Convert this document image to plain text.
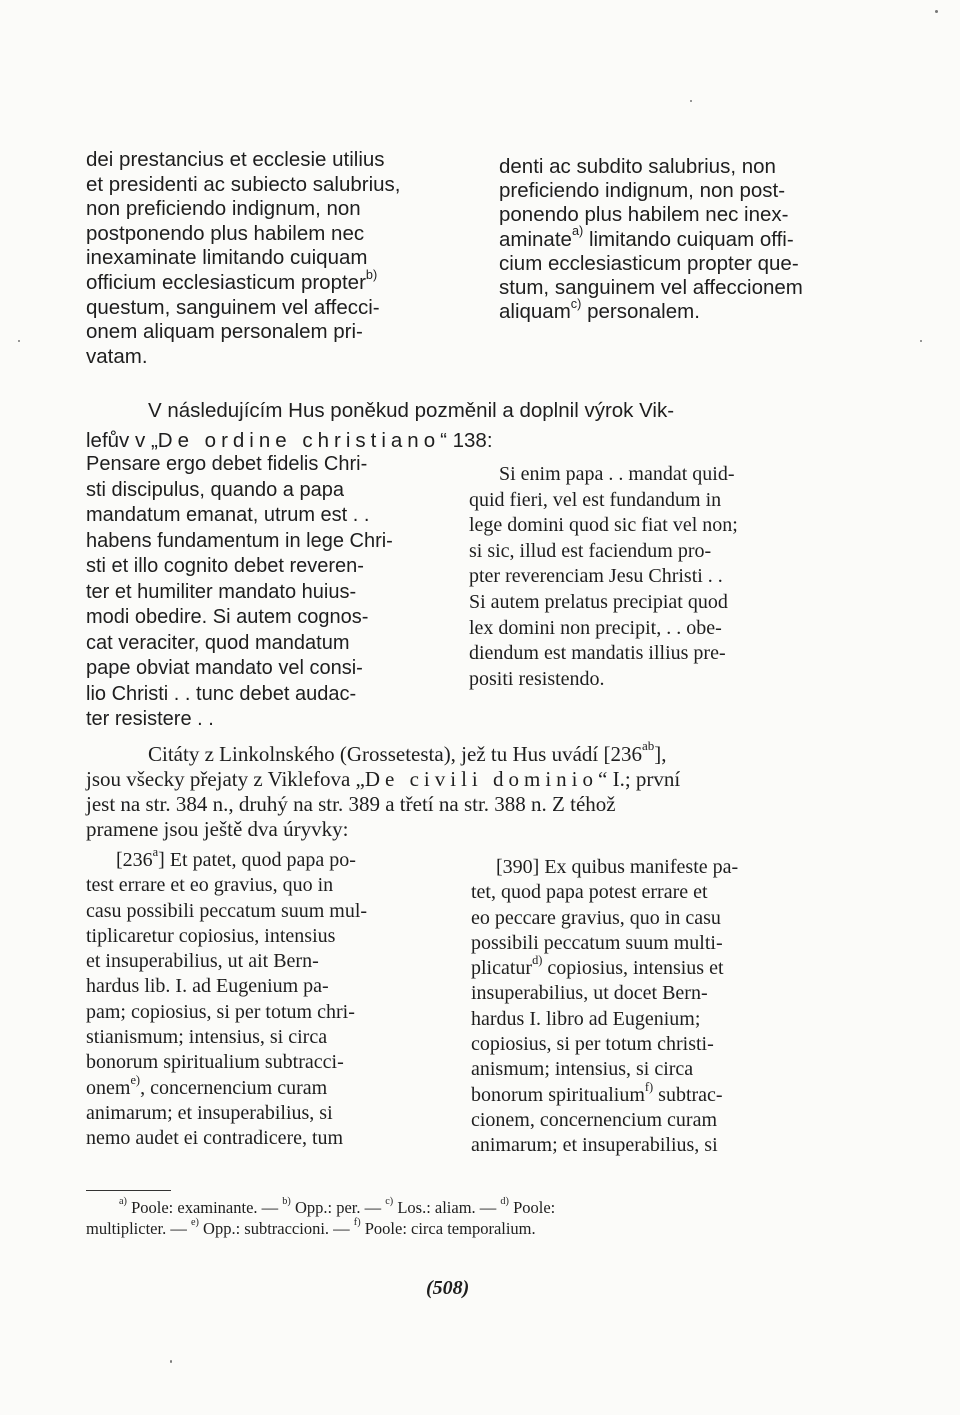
dei prestancius et ecclesie utilius
et presidenti ac subiecto salubrius,
non preficiendo indignum, non
postponendo plus habilem nec
inexaminate limitando cuiquam
officium ecclesiasticum propter$^{b)}$
questum, sanguinem vel affecci-
onem aliquam personalem pri-
vatam.
denti ac subdito salubrius, non
preficiendo indignum, non post-
ponendo plus habilem nec inex-
aminate$^{a)}$ limitando cuiquam offi-
cium ecclesiasticum propter que-
stum, sanguinem vel affeccionem
aliquam$^{c)}$ personalem.
V následujícím Hus poněkud pozměnil a doplnil výrok Vik-
lefův v „De ordine christiano“ 138:
Pensare ergo debet fidelis Chri-
sti discipulus, quando a papa
mandatum emanat, utrum est . .
habens fundamentum in lege Chri-
sti et illo cognito debet reveren-
ter et humiliter mandato huius-
modi obedire. Si autem cognos-
cat veraciter, quod mandatum
pape obviat mandato vel consi-
lio Christi . . tunc debet audac-
ter resistere . .
Si enim papa . . mandat quid-
quid fieri, vel est fundandum in
lege domini quod sic fiat vel non;
si sic, illud est faciendum pro-
pter reverenciam Jesu Christi . .
Si autem prelatus precipiat quod
lex domini non precipit, . . obe-
diendum est mandatis illius pre-
positi resistendo.
Citáty z Linkolnského (Grossetesta), jež tu Hus uvádí $[236^{ab}]$,
jsou všecky přejaty z Viklefova „De civili dominio“ I.; první
jest na str. 384 n., druhý na str. 389 a třetí na str. 388 n. Z téhož
pramene jsou ještě dva úryvky:
[236$^a$] Et patet, quod papa po-
test errare et eo gravius, quo in
casu possibili peccatum suum mul-
tiplicaretur copiosius, intensius
et insuperabilius, ut ait Bern-
hardus lib. I. ad Eugenium pa-
pam; copiosius, si per totum chri-
stianismum; intensius, si circa
bonorum spiritualium subtracci-
onem$^{e)}$, concernencium curam
animarum; et insuperabilius, si
nemo audet ei contradicere, tum
[390] Ex quibus manifeste pa-
tet, quod papa potest errare et
eo peccare gravius, quo in casu
possibili peccatum suum multi-
plicatur$^{d)}$ copiosius, intensius et
insuperabilius, ut docet Bern-
hardus I. libro ad Eugenium;
copiosius, si per totum christi-
anismum; intensius, si circa
bonorum spiritualium$^{f)}$ subtrac-
cionem, concernencium curam
animarum; et insuperabilius, si
$^{a)}$ Poole: examinante. — $^{b)}$ Opp.: per. — $^{c)}$ Los.: aliam. — $^{d)}$ Poole:
multiplicter. — $^{e)}$ Opp.: subtraccioni. — $^{f)}$ Poole: circa temporalium.
(508)
